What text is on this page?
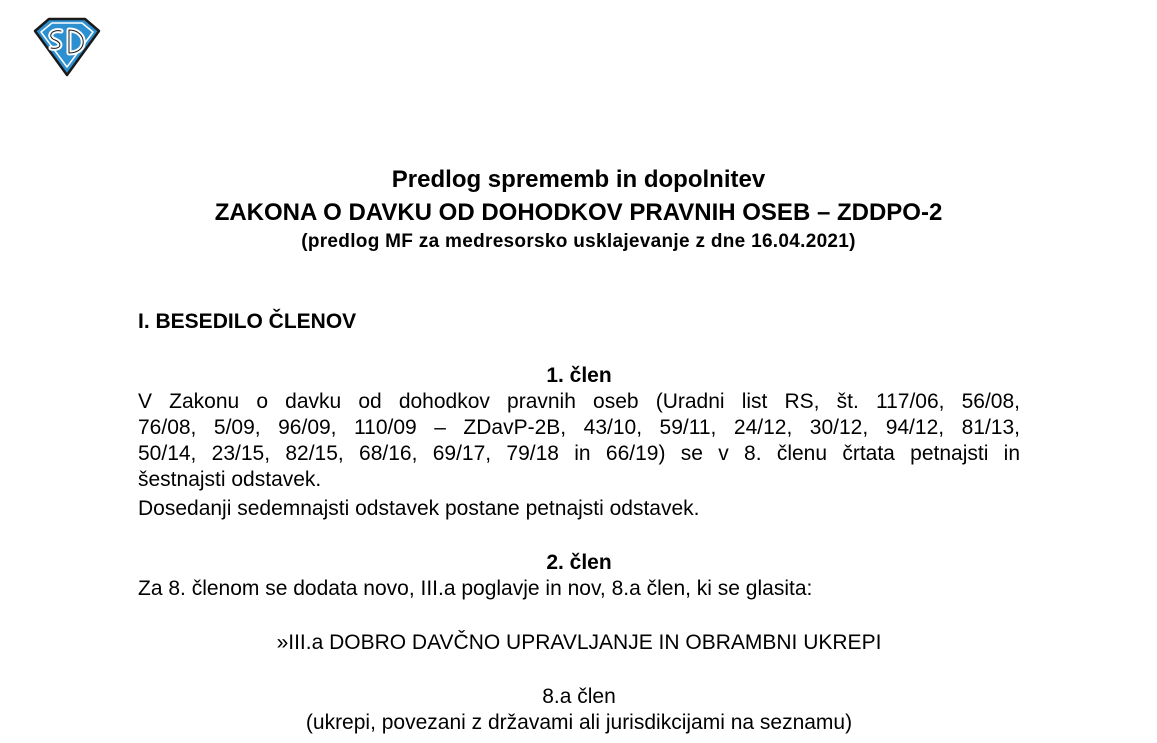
Predlog sprememb in dopolnitev
ZAKONA O DAVKU OD DOHODKOV PRAVNIH OSEB – ZDDPO-2
(predlog MF za medresorsko usklajevanje z dne 16.04.2021)
I. BESEDILO ČLENOV
1. člen
V Zakonu o davku od dohodkov pravnih oseb (Uradni list RS, št. 117/06, 56/08,
76/08, 5/09, 96/09, 110/09 – ZDavP-2B, 43/10, 59/11, 24/12, 30/12, 94/12, 81/13,
50/14, 23/15, 82/15, 68/16, 69/17, 79/18 in 66/19) se v 8. členu črtata petnajsti in
šestnajsti odstavek.
Dosedanji sedemnajsti odstavek postane petnajsti odstavek.
2. člen
Za 8. členom se dodata novo, III.a poglavje in nov, 8.a člen, ki se glasita:
»III.a DOBRO DAVČNO UPRAVLJANJE IN OBRAMBNI UKREPI
8.a člen
(ukrepi, povezani z državami ali jurisdikcijami na seznamu)
